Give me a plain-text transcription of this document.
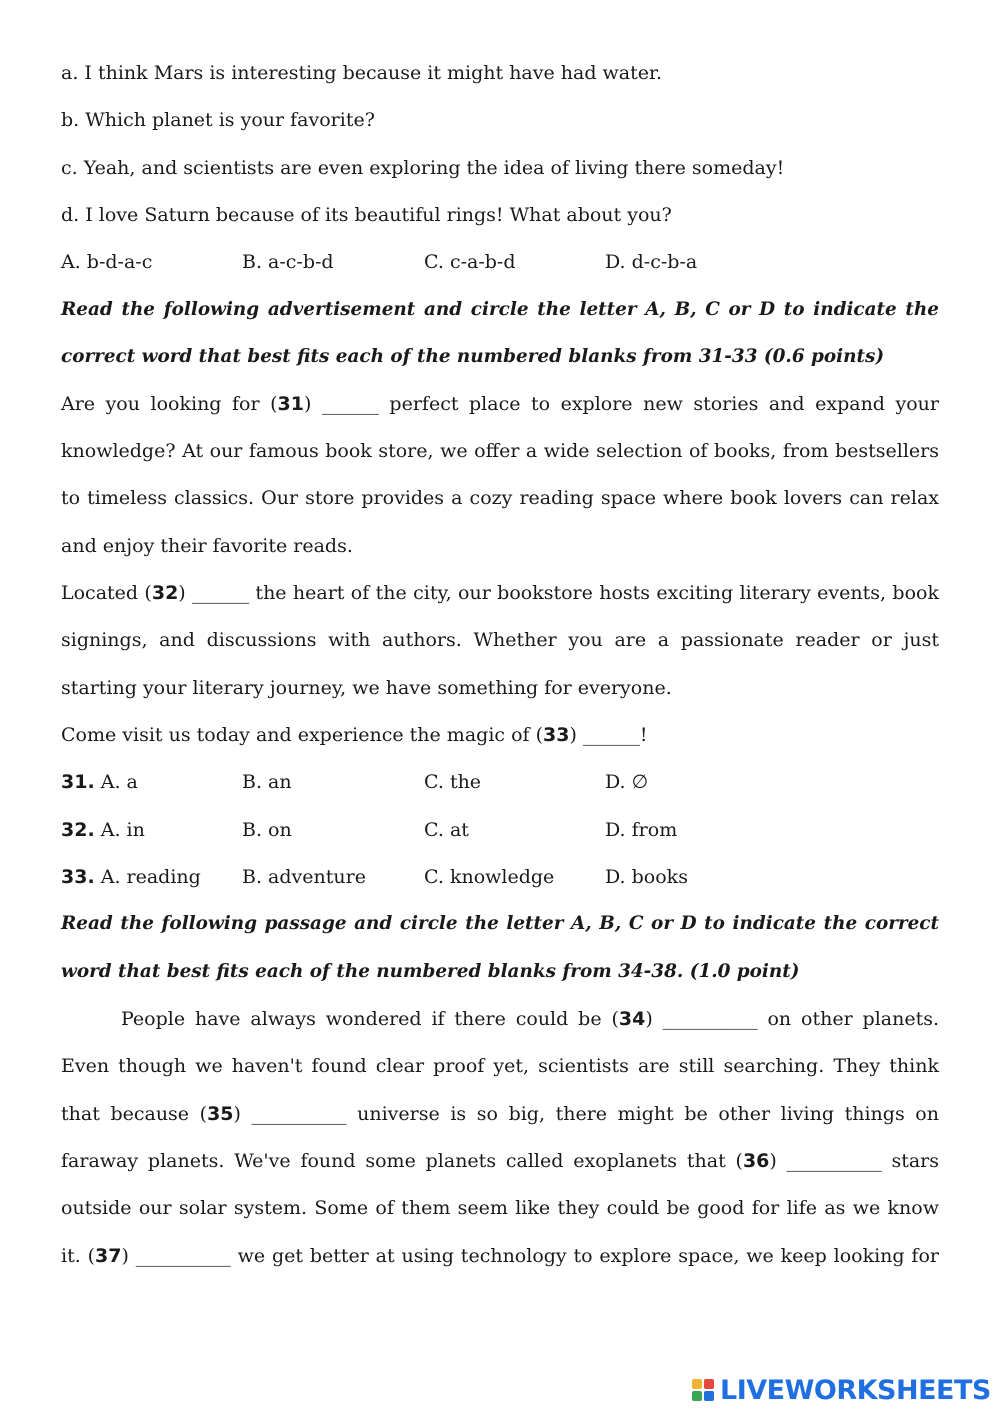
a. I think Mars is interesting because it might have had water.
b. Which planet is your favorite?
c. Yeah, and scientists are even exploring the idea of living there someday!
d. I love Saturn because of its beautiful rings! What about you?
A. b-d-a-c	B. a-c-b-d	C. c-a-b-d	D. d-c-b-a
Read the following advertisement and circle the letter A, B, C or D to indicate the
correct word that best fits each of the numbered blanks from 31-33 (0.6 points)
Are you looking for (31) ______ perfect place to explore new stories and expand your
knowledge? At our famous book store, we offer a wide selection of books, from bestsellers
to timeless classics. Our store provides a cozy reading space where book lovers can relax
and enjoy their favorite reads.
Located (32) ______ the heart of the city, our bookstore hosts exciting literary events, book
signings, and discussions with authors. Whether you are a passionate reader or just
starting your literary journey, we have something for everyone.
Come visit us today and experience the magic of (33) ______!
31. A. a	B. an	C. the	D. ∅
32. A. in	B. on	C. at	D. from
33. A. reading B. adventure	C. knowledge	D. books
Read the following passage and circle the letter A, B, C or D to indicate the correct
word that best fits each of the numbered blanks from 34-38. (1.0 point)
People have always wondered if there could be (34) __________ on other planets.
Even though we haven't found clear proof yet, scientists are still searching. They think
that because (35) __________ universe is so big, there might be other living things on
faraway planets. We've found some planets called exoplanets that (36) __________ stars
outside our solar system. Some of them seem like they could be good for life as we know
it. (37) __________ we get better at using technology to explore space, we keep looking for
LIVEWORKSHEETS
